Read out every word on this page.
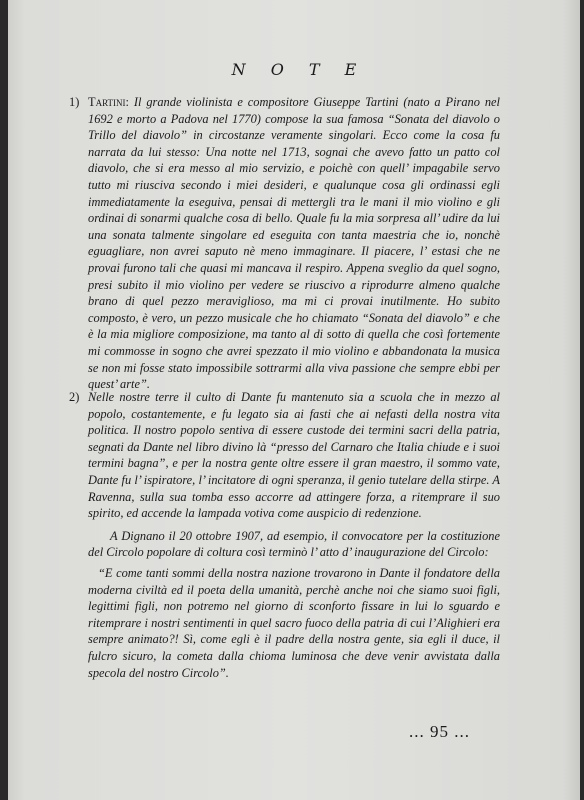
N O T E
1) Tartini: Il grande violinista e compositore Giuseppe Tartini (nato a Pirano nel 1692 e morto a Padova nel 1770) compose la sua famosa “Sonata del diavolo o Trillo del diavolo” in circostanze veramente singolari. Ecco come la cosa fu narrata da lui stesso: Una notte nel 1713, sognai che avevo fatto un patto col diavolo, che si era messo al mio servizio, e poichè con quell’ impagabile servo tutto mi riusciva secondo i miei desideri, e qualunque cosa gli ordinassi egli immediatamente la eseguiva, pensai di mettergli tra le mani il mio violino e gli ordinai di sonarmi qualche cosa di bello. Quale fu la mia sorpresa all’ udire da lui una sonata talmente singolare ed eseguita con tanta maestria che io, nonchè eguagliare, non avrei saputo nè meno immaginare. Il piacere, l’ estasi che ne provai furono tali che quasi mi mancava il respiro. Appena sveglio da quel sogno, presi subito il mio violino per vedere se riuscivo a riprodurre almeno qualche brano di quel pezzo meraviglioso, ma mi ci provai inutilmente. Ho subito composto, è vero, un pezzo musicale che ho chiamato “Sonata del diavolo” e che è la mia migliore composizione, ma tanto al di sotto di quella che così fortemente mi commosse in sogno che avrei spezzato il mio violino e abbandonata la musica se non mi fosse stato impossibile sottrarmi alla viva passione che sempre ebbi per quest’ arte”.
2) Nelle nostre terre il culto di Dante fu mantenuto sia a scuola che in mezzo al popolo, costantemente, e fu legato sia ai fasti che ai nefasti della nostra vita politica. Il nostro popolo sentiva di essere custode dei termini sacri della patria, segnati da Dante nel libro divino là “presso del Carnaro che Italia chiude e i suoi termini bagna”, e per la nostra gente oltre essere il gran maestro, il sommo vate, Dante fu l’ ispiratore, l’ incitatore di ogni speranza, il genio tutelare della stirpe. A Ravenna, sulla sua tomba esso accorre ad attingere forza, a ritemprare il suo spirito, ed accende la lampada votiva come auspicio di redenzione.

A Dignano il 20 ottobre 1907, ad esempio, il convocatore per la costituzione del Circolo popolare di coltura così terminò l’ atto d’ inaugurazione del Circolo:

“E come tanti sommi della nostra nazione trovarono in Dante il fondatore della moderna civiltà ed il poeta della umanità, perchè anche noi che siamo suoi figli, legittimi figli, non potremo nel giorno di sconforto fissare in lui lo sguardo e ritemprare i nostri sentimenti in quel sacro fuoco della patria di cui l’Alighieri era sempre animato?! Sì, come egli è il padre della nostra gente, sia egli il duce, il fulcro sicuro, la cometa dalla chioma luminosa che deve venir avvistata dalla specola del nostro Circolo”.

... 95 ...
